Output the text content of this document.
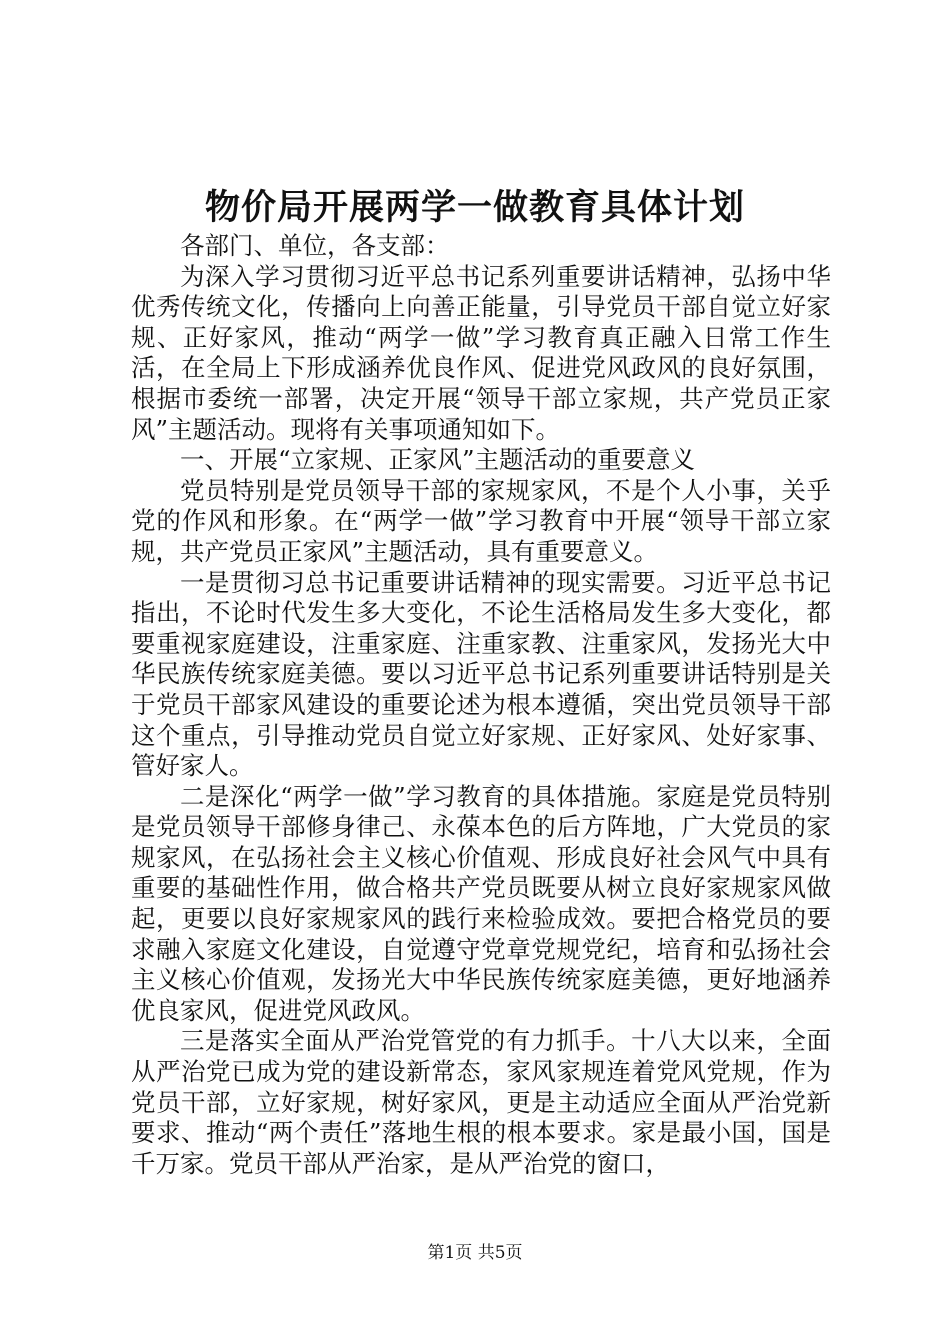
物价局开展两学一做教育具体计划

各部门、单位，各支部：

为深入学习贯彻习近平总书记系列重要讲话精神，弘扬中华优秀传统文化，传播向上向善正能量，引导党员干部自觉立好家规、正好家风，推动“两学一做”学习教育真正融入日常工作生活，在全局上下形成涵养优良作风、促进党风政风的良好氛围，根据市委统一部署，决定开展“领导干部立家规，共产党员正家风”主题活动。现将有关事项通知如下。

一、开展“立家规、正家风”主题活动的重要意义

党员特别是党员领导干部的家规家风，不是个人小事，关乎党的作风和形象。在“两学一做”学习教育中开展“领导干部立家规，共产党员正家风”主题活动，具有重要意义。

一是贯彻习总书记重要讲话精神的现实需要。习近平总书记指出，不论时代发生多大变化，不论生活格局发生多大变化，都要重视家庭建设，注重家庭、注重家教、注重家风，发扬光大中华民族传统家庭美德。要以习近平总书记系列重要讲话特别是关于党员干部家风建设的重要论述为根本遵循，突出党员领导干部这个重点，引导推动党员自觉立好家规、正好家风、处好家事、管好家人。

二是深化“两学一做”学习教育的具体措施。家庭是党员特别是党员领导干部修身律己、永葆本色的后方阵地，广大党员的家规家风，在弘扬社会主义核心价值观、形成良好社会风气中具有重要的基础性作用，做合格共产党员既要从树立良好家规家风做起，更要以良好家规家风的践行来检验成效。要把合格党员的要求融入家庭文化建设，自觉遵守党章党规党纪，培育和弘扬社会主义核心价值观，发扬光大中华民族传统家庭美德，更好地涵养优良家风，促进党风政风。

三是落实全面从严治党管党的有力抓手。十八大以来，全面从严治党已成为党的建设新常态，家风家规连着党风党规，作为党员干部，立好家规，树好家风，更是主动适应全面从严治党新要求、推动“两个责任”落地生根的根本要求。家是最小国，国是千万家。党员干部从严治家，是从严治党的窗口，

第1页 共5页
